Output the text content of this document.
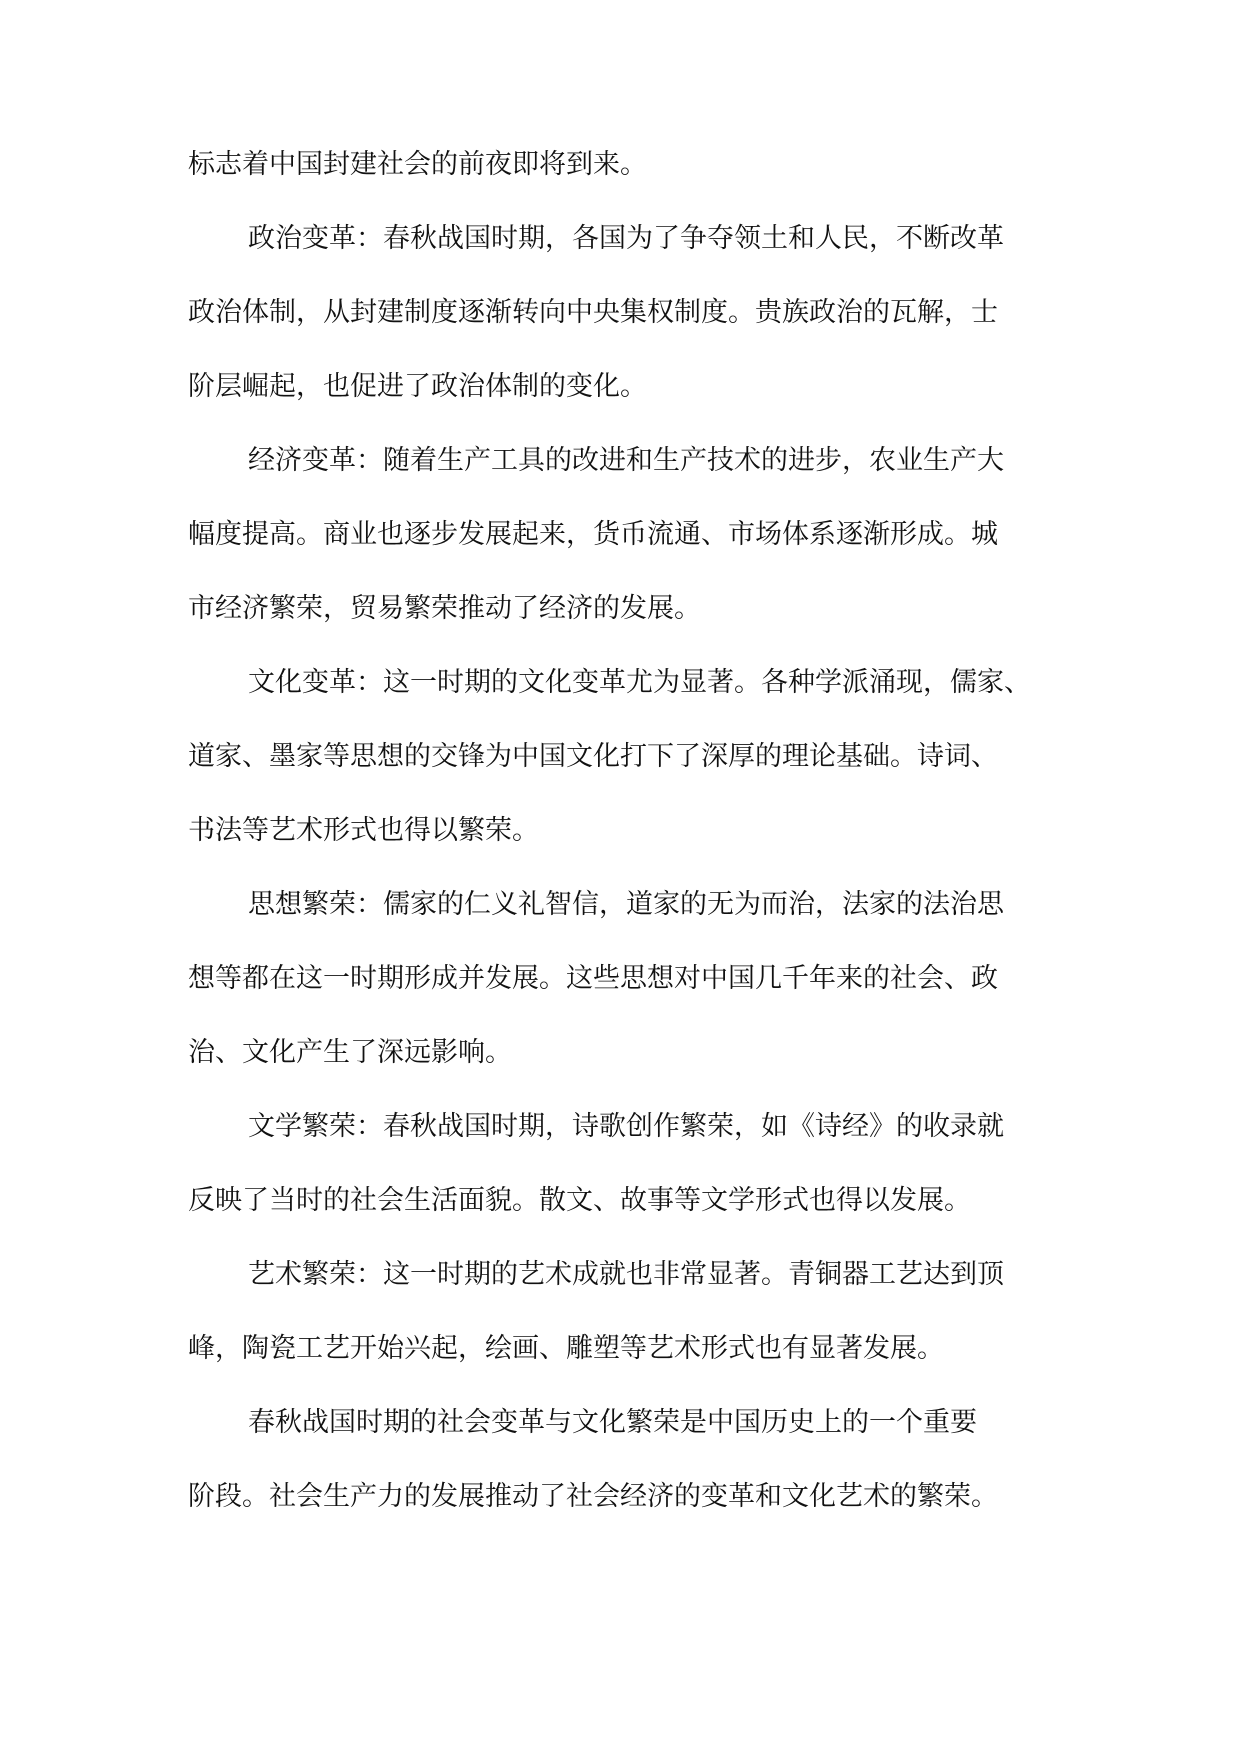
标志着中国封建社会的前夜即将到来。
政治变革：春秋战国时期，各国为了争夺领土和人民，不断改革
政治体制，从封建制度逐渐转向中央集权制度。贵族政治的瓦解，士
阶层崛起，也促进了政治体制的变化。
经济变革：随着生产工具的改进和生产技术的进步，农业生产大
幅度提高。商业也逐步发展起来，货币流通、市场体系逐渐形成。城
市经济繁荣，贸易繁荣推动了经济的发展。
文化变革：这一时期的文化变革尤为显著。各种学派涌现，儒家、
道家、墨家等思想的交锋为中国文化打下了深厚的理论基础。诗词、
书法等艺术形式也得以繁荣。
思想繁荣：儒家的仁义礼智信，道家的无为而治，法家的法治思
想等都在这一时期形成并发展。这些思想对中国几千年来的社会、政
治、文化产生了深远影响。
文学繁荣：春秋战国时期，诗歌创作繁荣，如《诗经》的收录就
反映了当时的社会生活面貌。散文、故事等文学形式也得以发展。
艺术繁荣：这一时期的艺术成就也非常显著。青铜器工艺达到顶
峰，陶瓷工艺开始兴起，绘画、雕塑等艺术形式也有显著发展。
春秋战国时期的社会变革与文化繁荣是中国历史上的一个重要
阶段。社会生产力的发展推动了社会经济的变革和文化艺术的繁荣。
